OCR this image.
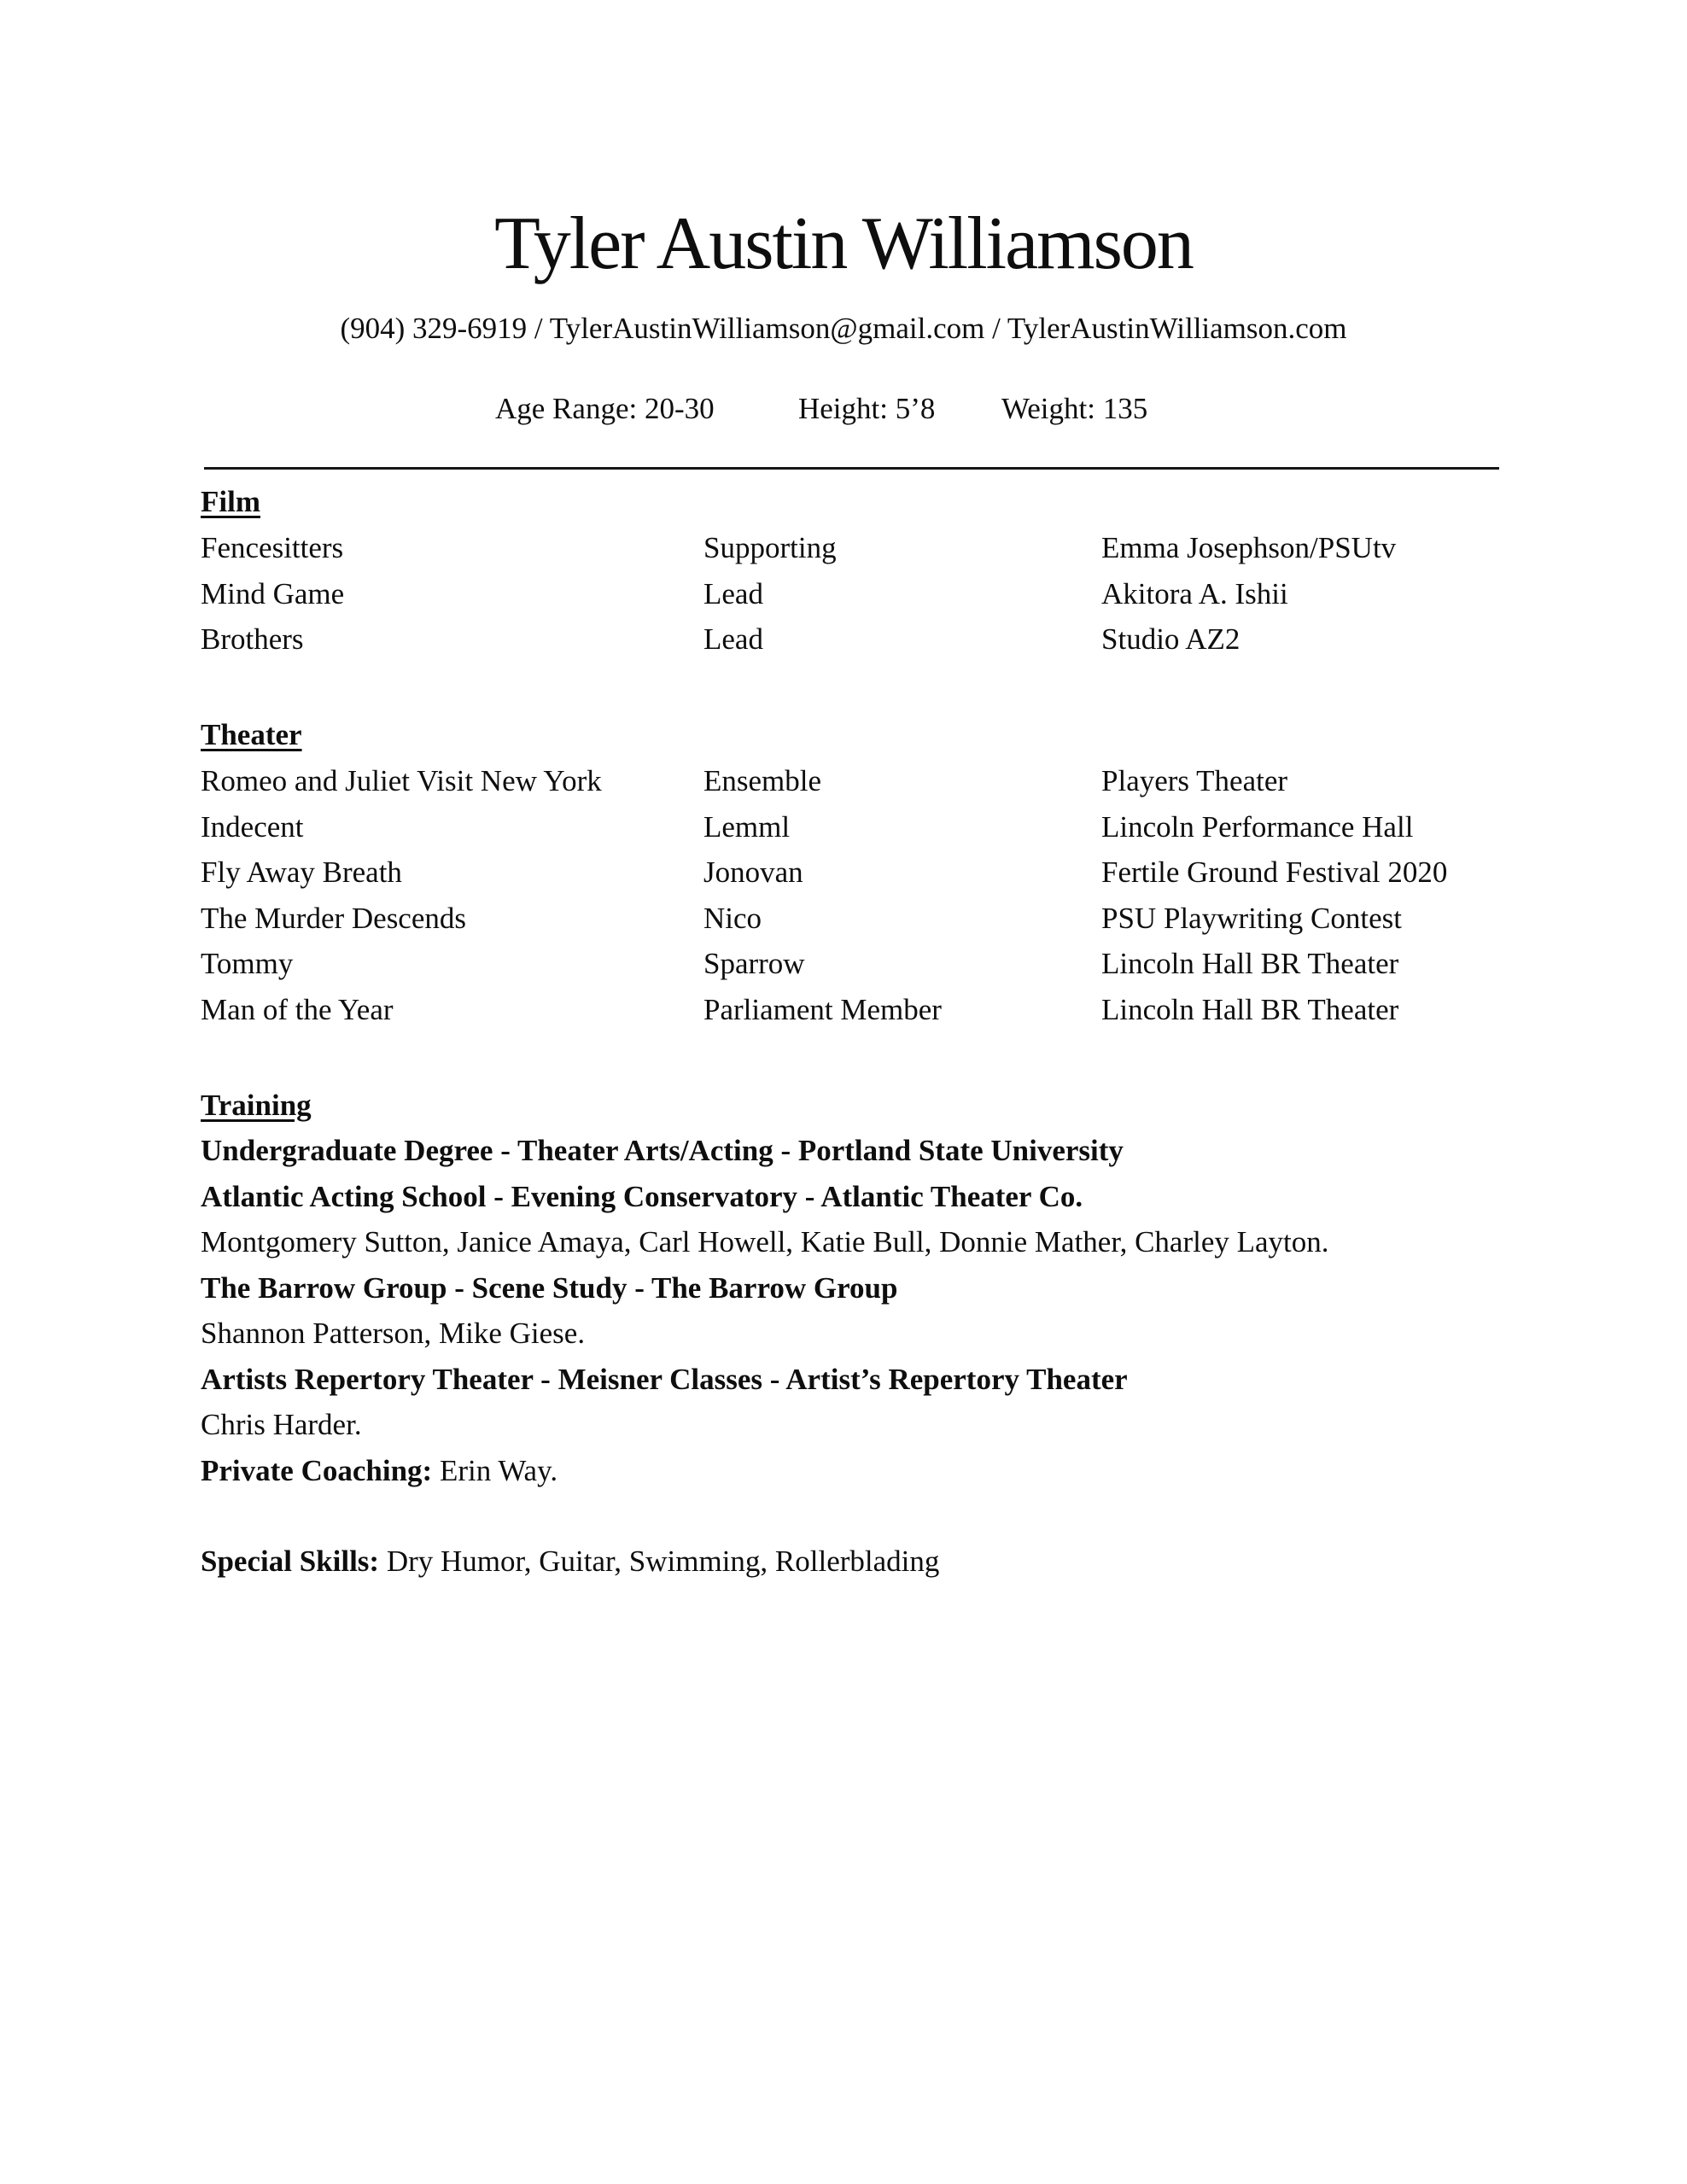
Tyler Austin Williamson
(904) 329-6919 / TylerAustinWilliamson@gmail.com / TylerAustinWilliamson.com
Age Range: 20-30	Height: 5’8 Weight: 135
Film
Fencesitters	Supporting	Emma Josephson/PSUtv
Mind Game	Lead	Akitora A. Ishii
Brothers	Lead	Studio AZ2
Theater
Romeo and Juliet Visit New York	Ensemble	Players Theater
Indecent	Lemml	Lincoln Performance Hall
Fly Away Breath	Jonovan	Fertile Ground Festival 2020
The Murder Descends	Nico	PSU Playwriting Contest
Tommy	Sparrow	Lincoln Hall BR Theater
Man of the Year	Parliament Member	Lincoln Hall BR Theater
Training
Undergraduate Degree - Theater Arts/Acting - Portland State University
Atlantic Acting School - Evening Conservatory - Atlantic Theater Co.
Montgomery Sutton, Janice Amaya, Carl Howell, Katie Bull, Donnie Mather, Charley Layton.
The Barrow Group - Scene Study - The Barrow Group
Shannon Patterson, Mike Giese.
Artists Repertory Theater - Meisner Classes - Artist’s Repertory Theater
Chris Harder.
Private Coaching: Erin Way.
Special Skills: Dry Humor, Guitar, Swimming, Rollerblading
